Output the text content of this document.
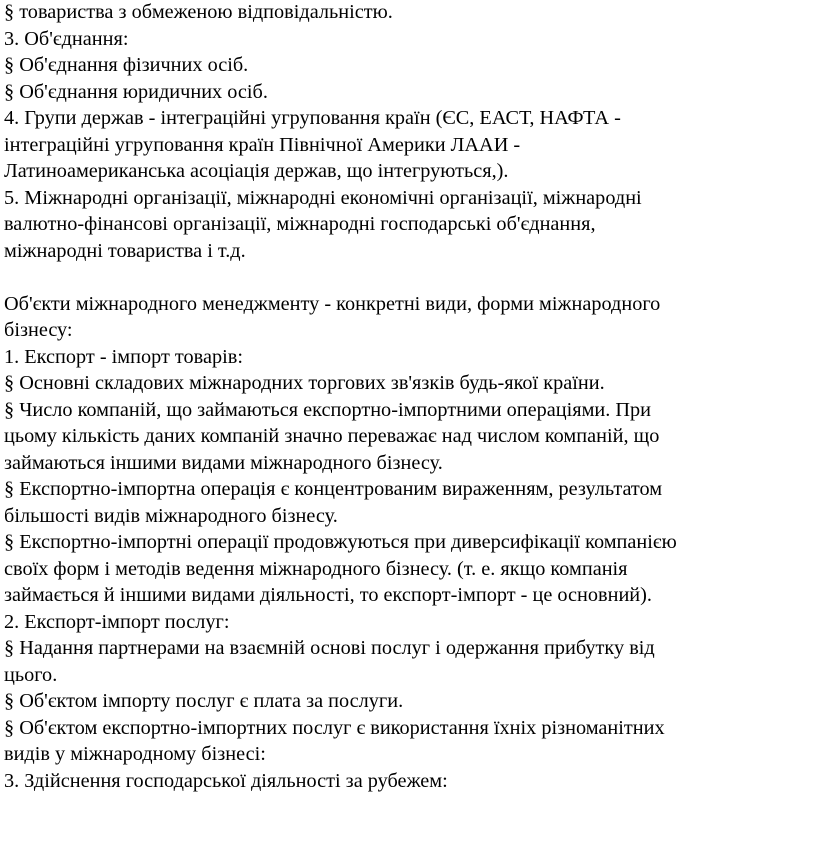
§ товариства з обмеженою відповідальністю.
3. Об'єднання:
§ Об'єднання фізичних осіб.
§ Об'єднання юридичних осіб.
4. Групи держав - інтеграційні угруповання країн (ЄС, ЕАСТ, НАФТА -
інтеграційні угруповання країн Північної Америки ЛААИ -
Латиноамериканська асоціація держав, що інтегруються,).
5. Міжнародні організації, міжнародні економічні організації, міжнародні
валютно-фінансові організації, міжнародні господарські об'єднання,
міжнародні товариства і т.д.
Об'єкти міжнародного менеджменту - конкретні види, форми міжнародного
бізнесу:
1. Експорт - імпорт товарів:
§ Основні складових міжнародних торгових зв'язків будь-якої країни.
§ Число компаній, що займаються експортно-імпортними операціями. При
цьому кількість даних компаній значно переважає над числом компаній, що
займаються іншими видами міжнародного бізнесу.
§ Експортно-імпортна операція є концентрованим вираженням, результатом
більшості видів міжнародного бізнесу.
§ Експортно-імпортні операції продовжуються при диверсифікації компанією
своїх форм і методів ведення міжнародного бізнесу. (т. е. якщо компанія
займається й іншими видами діяльності, то експорт-імпорт - це основний).
2. Експорт-імпорт послуг:
§ Надання партнерами на взаємній основі послуг і одержання прибутку від
цього.
§ Об'єктом імпорту послуг є плата за послуги.
§ Об'єктом експортно-імпортних послуг є використання їхніх різноманітних
видів у міжнародному бізнесі:
3. Здійснення господарської діяльності за рубежем:
